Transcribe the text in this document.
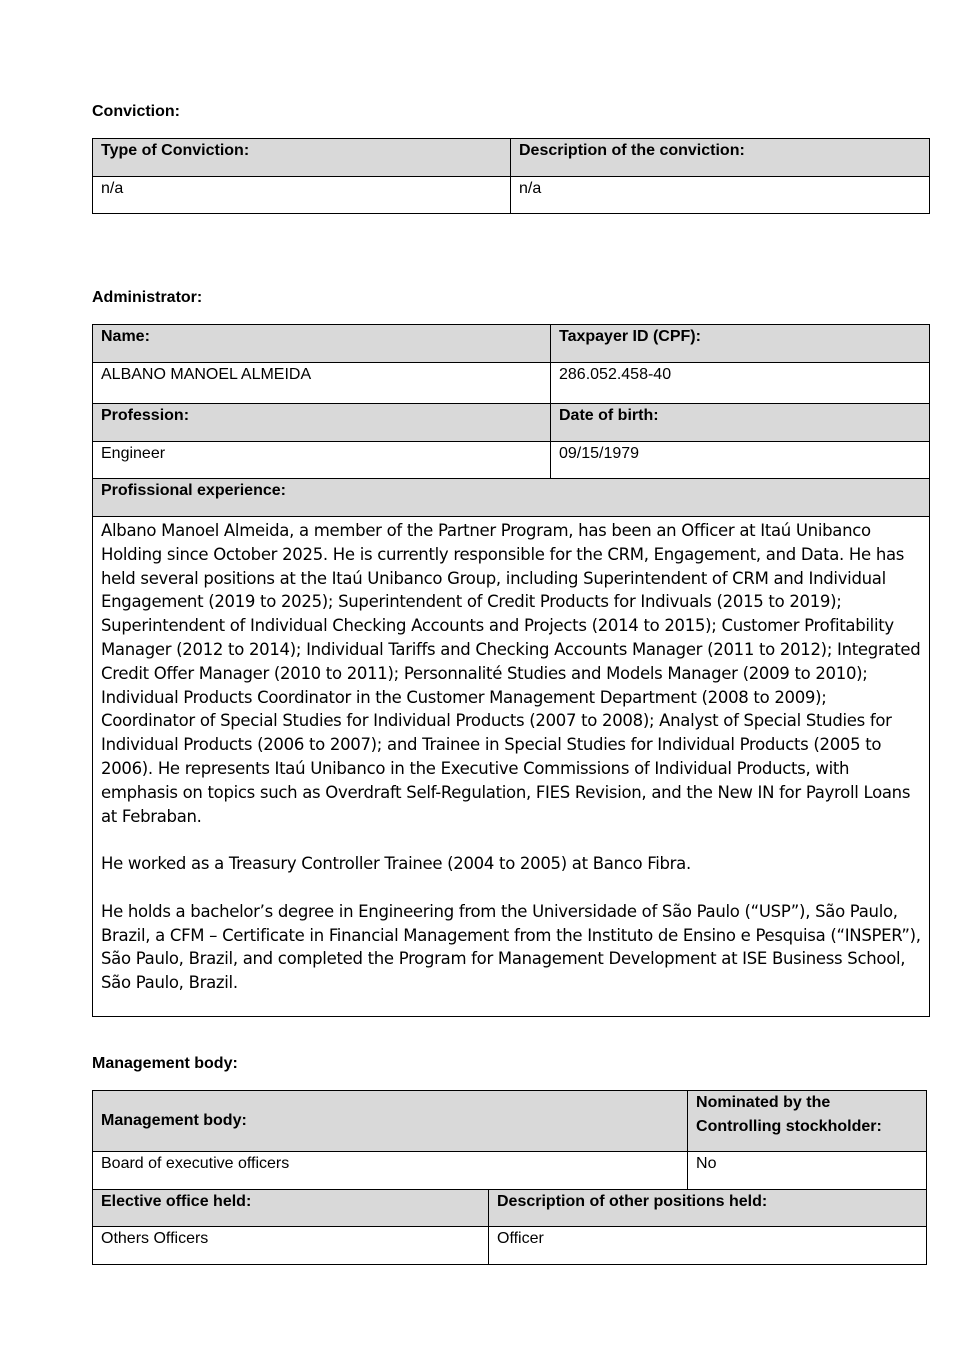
Conviction:

Type of Conviction:	Description of the conviction:
n/a	n/a

Administrator:

Name:	Taxpayer ID (CPF):
ALBANO MANOEL ALMEIDA	286.052.458-40
Profession:	Date of birth:
Engineer	09/15/1979
Profissional experience:	

Albano Manoel Almeida, a member of the Partner Program, has been an Officer at Itaú Unibanco Holding since October 2025. He is currently responsible for the CRM, Engagement, and Data. He has held several positions at the Itaú Unibanco Group, including Superintendent of CRM and Individual Engagement (2019 to 2025); Superintendent of Credit Products for Indivuals (2015 to 2019); Superintendent of Individual Checking Accounts and Projects (2014 to 2015); Customer Profitability Manager (2012 to 2014); Individual Tariffs and Checking Accounts Manager (2011 to 2012); Integrated Credit Offer Manager (2010 to 2011); Personnalité Studies and Models Manager (2009 to 2010); Individual Products Coordinator in the Customer Management Department (2008 to 2009); Coordinator of Special Studies for Individual Products (2007 to 2008); Analyst of Special Studies for Individual Products (2006 to 2007); and Trainee in Special Studies for Individual Products (2005 to 2006). He represents Itaú Unibanco in the Executive Commissions of Individual Products, with emphasis on topics such as Overdraft Self-Regulation, FIES Revision, and the New IN for Payroll Loans at Febraban.

He worked as a Treasury Controller Trainee (2004 to 2005) at Banco Fibra.

He holds a bachelor’s degree in Engineering from the Universidade of São Paulo (“USP”), São Paulo, Brazil, a CFM – Certificate in Financial Management from the Instituto de Ensino e Pesquisa (“INSPER”), São Paulo, Brazil, and completed the Program for Management Development at ISE Business School, São Paulo, Brazil.	

Management body:

Management body:		Nominated by the Controlling stockholder:
Board of executive officers		No
Elective office held:	Description of other positions held:	
Others Officers	Officer	
